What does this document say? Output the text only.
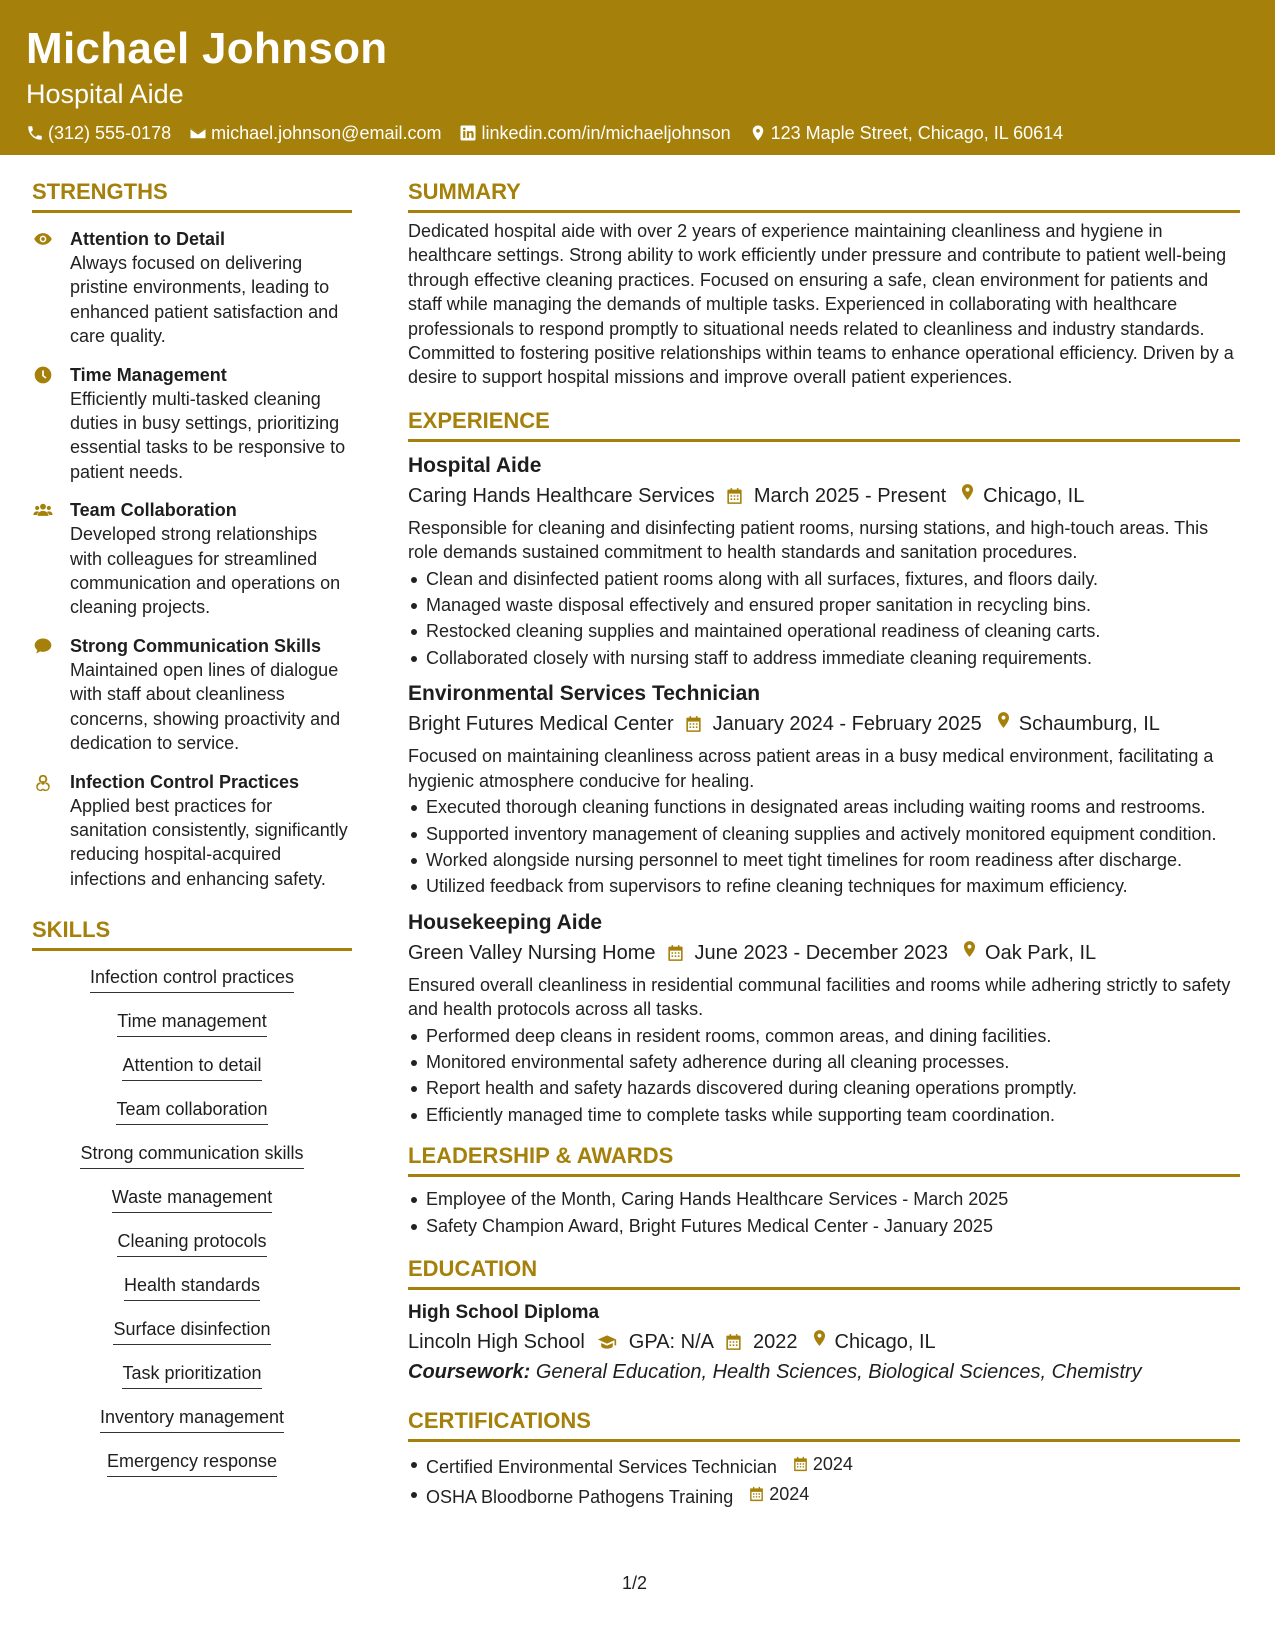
Michael Johnson
Hospital Aide
(312) 555-0178 michael.johnson@email.com linkedin.com/in/michaeljohnson 123 Maple Street, Chicago, IL 60614
STRENGTHS
Attention to Detail
Always focused on delivering pristine environments, leading to enhanced patient satisfaction and care quality.
Time Management
Efficiently multi-tasked cleaning duties in busy settings, prioritizing essential tasks to be responsive to patient needs.
Team Collaboration
Developed strong relationships with colleagues for streamlined communication and operations on cleaning projects.
Strong Communication Skills
Maintained open lines of dialogue with staff about cleanliness concerns, showing proactivity and dedication to service.
Infection Control Practices
Applied best practices for sanitation consistently, significantly reducing hospital-acquired infections and enhancing safety.
SKILLS
Infection control practices
Time management
Attention to detail
Team collaboration
Strong communication skills
Waste management
Cleaning protocols
Health standards
Surface disinfection
Task prioritization
Inventory management
Emergency response
SUMMARY
Dedicated hospital aide with over 2 years of experience maintaining cleanliness and hygiene in healthcare settings. Strong ability to work efficiently under pressure and contribute to patient well-being through effective cleaning practices. Focused on ensuring a safe, clean environment for patients and staff while managing the demands of multiple tasks. Experienced in collaborating with healthcare professionals to respond promptly to situational needs related to cleanliness and industry standards. Committed to fostering positive relationships within teams to enhance operational efficiency. Driven by a desire to support hospital missions and improve overall patient experiences.
EXPERIENCE
Hospital Aide
Caring Hands Healthcare Services March 2025 - Present Chicago, IL
Responsible for cleaning and disinfecting patient rooms, nursing stations, and high-touch areas. This role demands sustained commitment to health standards and sanitation procedures.
Clean and disinfected patient rooms along with all surfaces, fixtures, and floors daily.
Managed waste disposal effectively and ensured proper sanitation in recycling bins.
Restocked cleaning supplies and maintained operational readiness of cleaning carts.
Collaborated closely with nursing staff to address immediate cleaning requirements.
Environmental Services Technician
Bright Futures Medical Center January 2024 - February 2025 Schaumburg, IL
Focused on maintaining cleanliness across patient areas in a busy medical environment, facilitating a hygienic atmosphere conducive for healing.
Executed thorough cleaning functions in designated areas including waiting rooms and restrooms.
Supported inventory management of cleaning supplies and actively monitored equipment condition.
Worked alongside nursing personnel to meet tight timelines for room readiness after discharge.
Utilized feedback from supervisors to refine cleaning techniques for maximum efficiency.
Housekeeping Aide
Green Valley Nursing Home June 2023 - December 2023 Oak Park, IL
Ensured overall cleanliness in residential communal facilities and rooms while adhering strictly to safety and health protocols across all tasks.
Performed deep cleans in resident rooms, common areas, and dining facilities.
Monitored environmental safety adherence during all cleaning processes.
Report health and safety hazards discovered during cleaning operations promptly.
Efficiently managed time to complete tasks while supporting team coordination.
LEADERSHIP & AWARDS
Employee of the Month, Caring Hands Healthcare Services - March 2025
Safety Champion Award, Bright Futures Medical Center - January 2025
EDUCATION
High School Diploma
Lincoln High School GPA: N/A 2022 Chicago, IL
Coursework: General Education, Health Sciences, Biological Sciences, Chemistry
CERTIFICATIONS
Certified Environmental Services Technician 2024
OSHA Bloodborne Pathogens Training 2024
1/2
